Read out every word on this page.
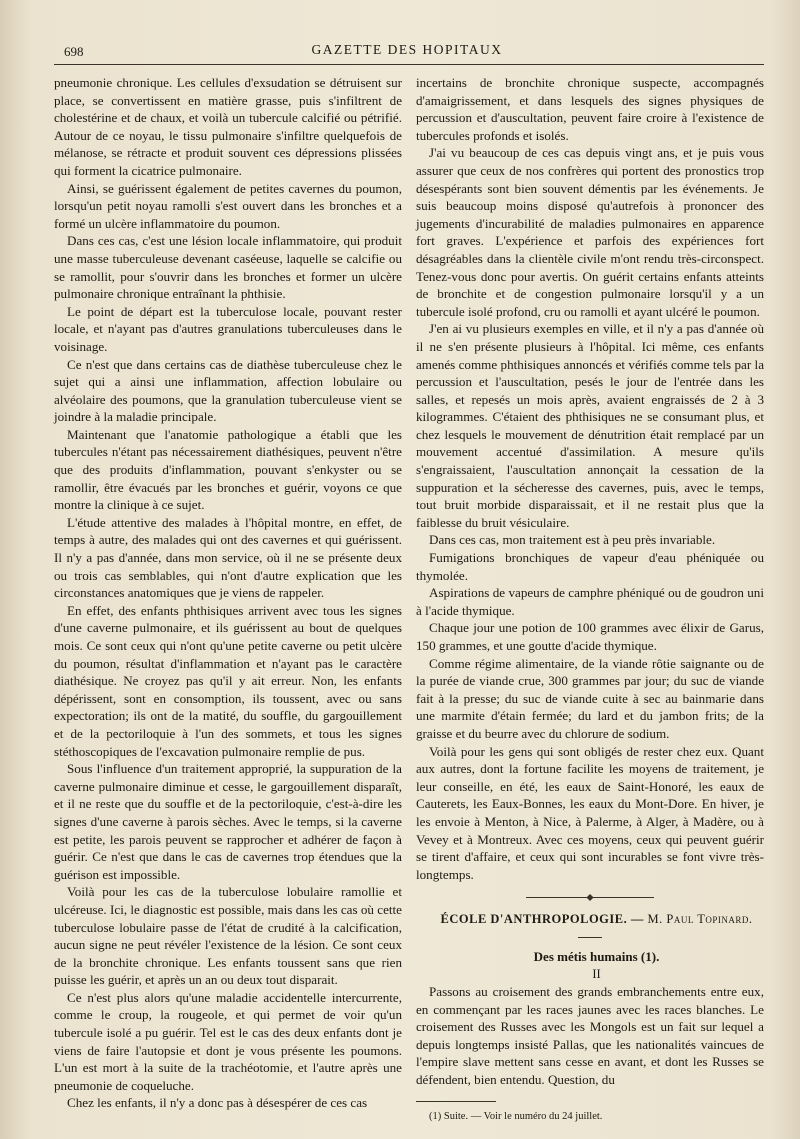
698	GAZETTE DES HOPITAUX

pneumonie chronique. Les cellules d'exsudation se détruisent sur place, se convertissent en matière grasse, puis s'infiltrent de cholestérine et de chaux, et voilà un tubercule calcifié ou pétrifié. Autour de ce noyau, le tissu pulmonaire s'infiltre quelquefois de mélanose, se rétracte et produit souvent ces dépressions plissées qui forment la cicatrice pulmonaire.

Ainsi, se guérissent également de petites cavernes du poumon, lorsqu'un petit noyau ramolli s'est ouvert dans les bronches et a formé un ulcère inflammatoire du poumon.

Dans ces cas, c'est une lésion locale inflammatoire, qui produit une masse tuberculeuse devenant caséeuse, laquelle se calcifie ou se ramollit, pour s'ouvrir dans les bronches et former un ulcère pulmonaire chronique entraînant la phthisie.

Le point de départ est la tuberculose locale, pouvant rester locale, et n'ayant pas d'autres granulations tuberculeuses dans le voisinage.

Ce n'est que dans certains cas de diathèse tuberculeuse chez le sujet qui a ainsi une inflammation, affection lobulaire ou alvéolaire des poumons, que la granulation tuberculeuse vient se joindre à la maladie principale.

Maintenant que l'anatomie pathologique a établi que les tubercules n'étant pas nécessairement diathésiques, peuvent n'être que des produits d'inflammation, pouvant s'enkyster ou se ramollir, être évacués par les bronches et guérir, voyons ce que montre la clinique à ce sujet.

L'étude attentive des malades à l'hôpital montre, en effet, de temps à autre, des malades qui ont des cavernes et qui guérissent. Il n'y a pas d'année, dans mon service, où il ne se présente deux ou trois cas semblables, qui n'ont d'autre explication que les circonstances anatomiques que je viens de rappeler.

En effet, des enfants phthisiques arrivent avec tous les signes d'une caverne pulmonaire, et ils guérissent au bout de quelques mois. Ce sont ceux qui n'ont qu'une petite caverne ou petit ulcère du poumon, résultat d'inflammation et n'ayant pas le caractère diathésique. Ne croyez pas qu'il y ait erreur. Non, les enfants dépérissent, sont en consomption, ils toussent, avec ou sans expectoration; ils ont de la matité, du souffle, du gargouillement et de la pectoriloquie à l'un des sommets, et tous les signes stéthoscopiques de l'excavation pulmonaire remplie de pus.

Sous l'influence d'un traitement approprié, la suppuration de la caverne pulmonaire diminue et cesse, le gargouillement disparaît, et il ne reste que du souffle et de la pectoriloquie, c'est-à-dire les signes d'une caverne à parois sèches. Avec le temps, si la caverne est petite, les parois peuvent se rapprocher et adhérer de façon à guérir. Ce n'est que dans le cas de cavernes trop étendues que la guérison est impossible.

Voilà pour les cas de la tuberculose lobulaire ramollie et ulcéreuse. Ici, le diagnostic est possible, mais dans les cas où cette tuberculose lobulaire passe de l'état de crudité à la calcification, aucun signe ne peut révéler l'existence de la lésion. Ce sont ceux de la bronchite chronique. Les enfants toussent sans que rien puisse les guérir, et après un an ou deux tout disparait.

Ce n'est plus alors qu'une maladie accidentelle intercurrente, comme le croup, la rougeole, et qui permet de voir qu'un tubercule isolé a pu guérir. Tel est le cas des deux enfants dont je viens de faire l'autopsie et dont je vous présente les poumons. L'un est mort à la suite de la trachéotomie, et l'autre après une pneumonie de coqueluche.

Chez les enfants, il n'y a donc pas à désespérer de ces cas

incertains de bronchite chronique suspecte, accompagnés d'amaigrissement, et dans lesquels des signes physiques de percussion et d'auscultation, peuvent faire croire à l'existence de tubercules profonds et isolés.

J'ai vu beaucoup de ces cas depuis vingt ans, et je puis vous assurer que ceux de nos confrères qui portent des pronostics trop désespérants sont bien souvent démentis par les événements. Je suis beaucoup moins disposé qu'autrefois à prononcer des jugements d'incurabilité de maladies pulmonaires en apparence fort graves. L'expérience et parfois des expériences fort désagréables dans la clientèle civile m'ont rendu très-circonspect. Tenez-vous donc pour avertis. On guérit certains enfants atteints de bronchite et de congestion pulmonaire lorsqu'il y a un tubercule isolé profond, cru ou ramolli et ayant ulcéré le poumon.

J'en ai vu plusieurs exemples en ville, et il n'y a pas d'année où il ne s'en présente plusieurs à l'hôpital. Ici même, ces enfants amenés comme phthisiques annoncés et vérifiés comme tels par la percussion et l'auscultation, pesés le jour de l'entrée dans les salles, et repesés un mois après, avaient engraissés de 2 à 3 kilogrammes. C'étaient des phthisiques ne se consumant plus, et chez lesquels le mouvement de dénutrition était remplacé par un mouvement accentué d'assimilation. A mesure qu'ils s'engraissaient, l'auscultation annonçait la cessation de la suppuration et la sécheresse des cavernes, puis, avec le temps, tout bruit morbide disparaissait, et il ne restait plus que la faiblesse du bruit vésiculaire.

Dans ces cas, mon traitement est à peu près invariable.

Fumigations bronchiques de vapeur d'eau phéniquée ou thymolée.

Aspirations de vapeurs de camphre phéniqué ou de goudron uni à l'acide thymique.

Chaque jour une potion de 100 grammes avec élixir de Garus, 150 grammes, et une goutte d'acide thymique.

Comme régime alimentaire, de la viande rôtie saignante ou de la purée de viande crue, 300 grammes par jour; du suc de viande fait à la presse; du suc de viande cuite à sec au bainmarie dans une marmite d'étain fermée; du lard et du jambon frits; de la graisse et du beurre avec du chlorure de sodium.

Voilà pour les gens qui sont obligés de rester chez eux. Quant aux autres, dont la fortune facilite les moyens de traitement, je leur conseille, en été, les eaux de Saint-Honoré, les eaux de Cauterets, les Eaux-Bonnes, les eaux du Mont-Dore. En hiver, je les envoie à Menton, à Nice, à Palerme, à Alger, à Madère, ou à Vevey et à Montreux. Avec ces moyens, ceux qui peuvent guérir se tirent d'affaire, et ceux qui sont incurables se font vivre très-longtemps.

ÉCOLE D'ANTHROPOLOGIE. — M. Paul Topinard.

Des métis humains (1).

II

Passons au croisement des grands embranchements entre eux, en commençant par les races jaunes avec les races blanches. Le croisement des Russes avec les Mongols est un fait sur lequel a depuis longtemps insisté Pallas, que les nationalités vaincues de l'empire slave mettent sans cesse en avant, et dont les Russes se défendent, bien entendu. Question, du

(1) Suite. — Voir le numéro du 24 juillet.
